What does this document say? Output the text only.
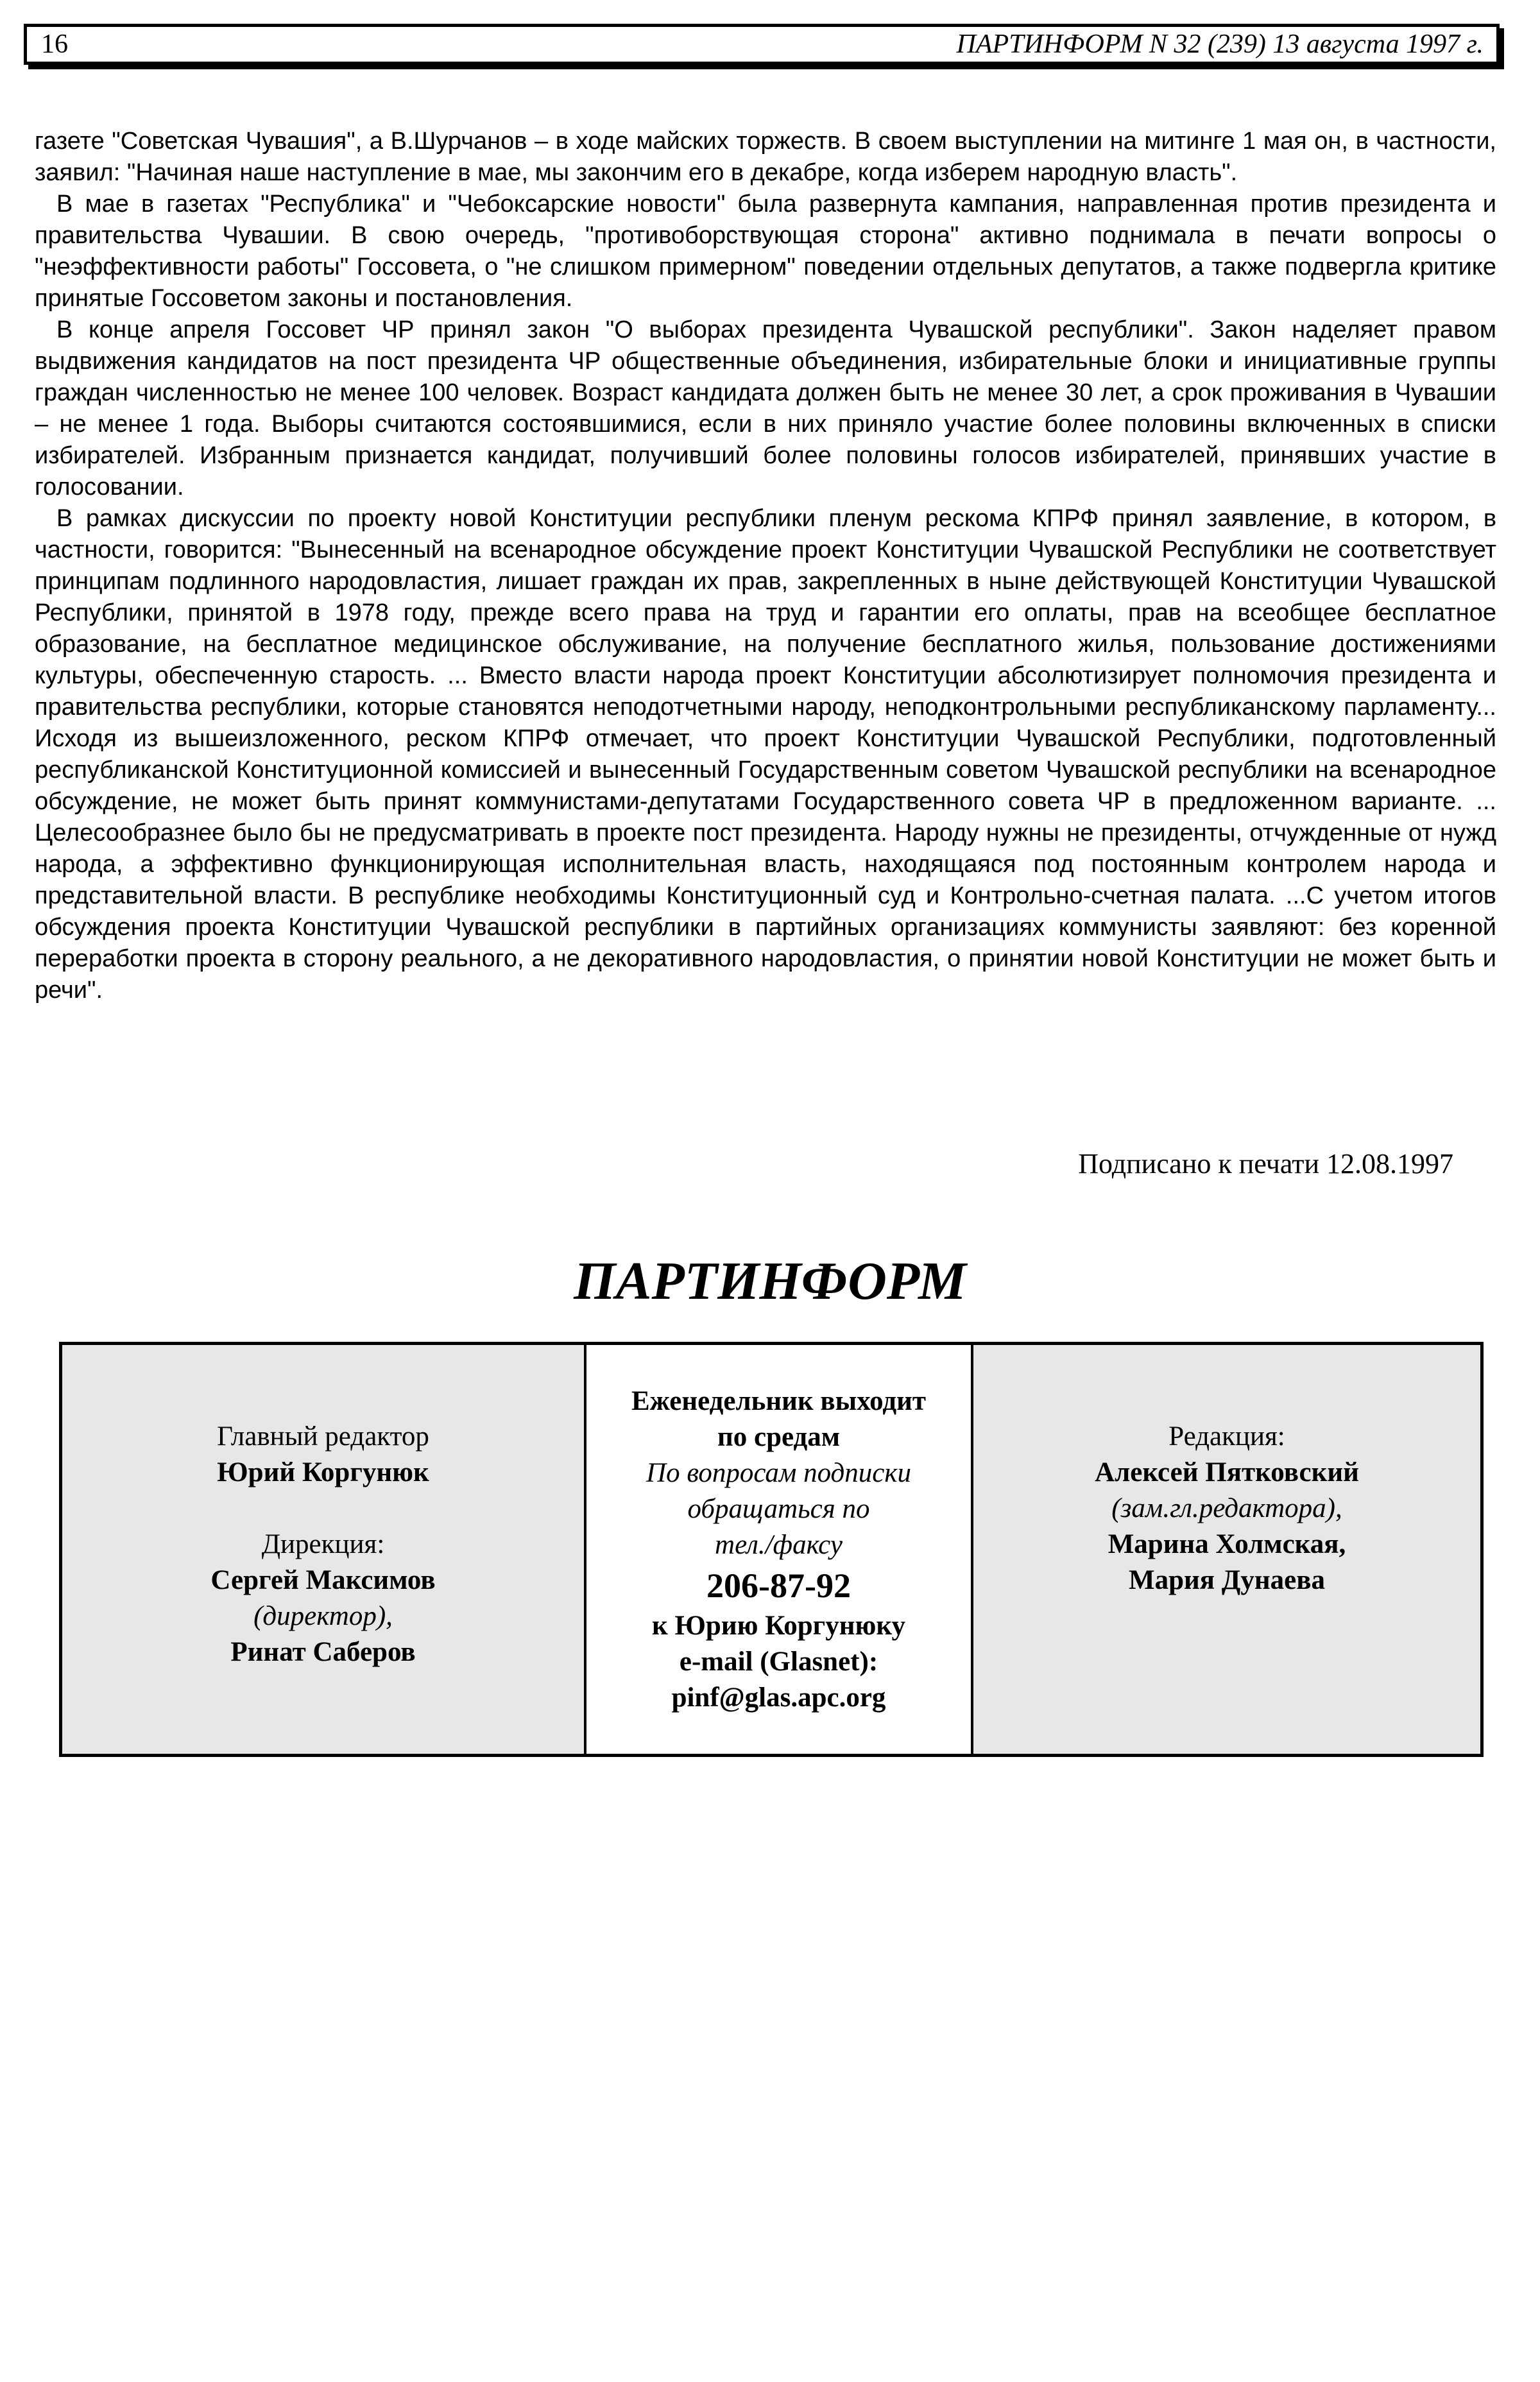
16	ПАРТИНФОРМ N 32 (239) 13 августа 1997 г.

газете "Советская Чувашия", а В.Шурчанов – в ходе майских торжеств. В своем выступлении на митинге 1 мая он, в частности, заявил: "Начиная наше наступление в мае, мы закончим его в декабре, когда изберем народную власть".

В мае в газетах "Республика" и "Чебоксарские новости" была развернута кампания, направленная против президента и правительства Чувашии. В свою очередь, "противоборствующая сторона" активно поднимала в печати вопросы о "неэффективности работы" Госсовета, о "не слишком примерном" поведении отдельных депутатов, а также подвергла критике принятые Госсоветом законы и постановления.

В конце апреля Госсовет ЧР принял закон "О выборах президента Чувашской республики". Закон наделяет правом выдвижения кандидатов на пост президента ЧР общественные объединения, избирательные блоки и инициативные группы граждан численностью не менее 100 человек. Возраст кандидата должен быть не менее 30 лет, а срок проживания в Чувашии – не менее 1 года. Выборы считаются состоявшимися, если в них приняло участие более половины включенных в списки избирателей. Избранным признается кандидат, получивший более половины голосов избирателей, принявших участие в голосовании.

В рамках дискуссии по проекту новой Конституции республики пленум рескома КПРФ принял заявление, в котором, в частности, говорится: "Вынесенный на всенародное обсуждение проект Конституции Чувашской Республики не соответствует принципам подлинного народовластия, лишает граждан их прав, закрепленных в ныне действующей Конституции Чувашской Республики, принятой в 1978 году, прежде всего права на труд и гарантии его оплаты, прав на всеобщее бесплатное образование, на бесплатное медицинское обслуживание, на получение бесплатного жилья, пользование достижениями культуры, обеспеченную старость. ... Вместо власти народа проект Конституции абсолютизирует полномочия президента и правительства республики, которые становятся неподотчетными народу, неподконтрольными республиканскому парламенту... Исходя из вышеизложенного, реском КПРФ отмечает, что проект Конституции Чувашской Республики, подготовленный республиканской Конституционной комиссией и вынесенный Государственным советом Чувашской республики на всенародное обсуждение, не может быть принят коммунистами-депутатами Государственного совета ЧР в предложенном варианте. ... Целесообразнее было бы не предусматривать в проекте пост президента. Народу нужны не президенты, отчужденные от нужд народа, а эффективно функционирующая исполнительная власть, находящаяся под постоянным контролем народа и представительной власти. В республике необходимы Конституционный суд и Контрольно-счетная палата. ...С учетом итогов обсуждения проекта Конституции Чувашской республики в партийных организациях коммунисты заявляют: без коренной переработки проекта в сторону реального, а не декоративного народовластия, о принятии новой Конституции не может быть и речи".

Подписано к печати 12.08.1997
ПАРТИНФОРМ
Главный редактор
Юрий Коргунюк
Дирекция:
Сергей Максимов
(директор),
Ринат Саберов
Еженедельник выходит
по средам
По вопросам подписки
обращаться по
тел./факсу
206-87-92
к Юрию Коргунюку
e-mail (Glasnet):
pinf@glas.apc.org
Редакция:
Алексей Пятковский
(зам.гл.редактора),
Марина Холмская,
Мария Дунаева
